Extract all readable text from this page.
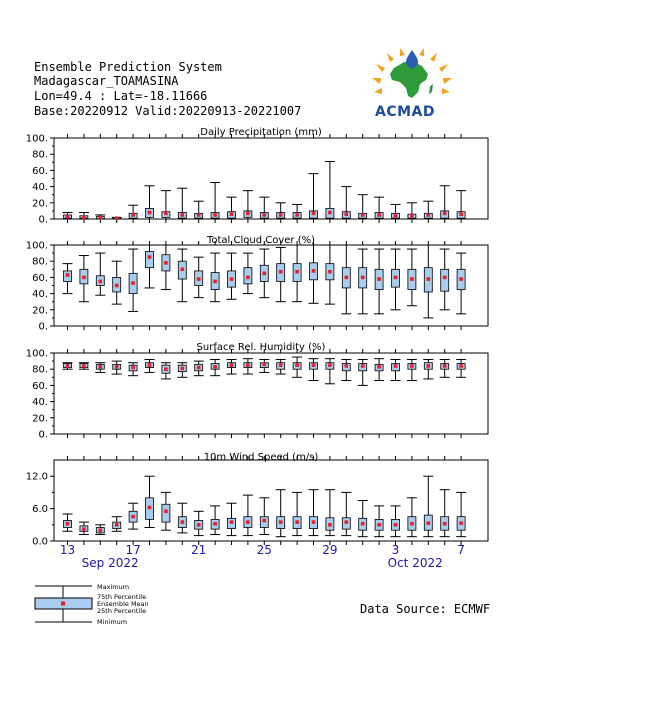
Ensemble Prediction System
Madagascar_TOAMASINA
Lon=49.4 : Lat=-18.11666
Base:20220912 Valid:20220913-20221007	ACMAD
0.
20.
40.
60.
80.
100.
Daily Precipitation (mm)
0.
20.
40.
60.
80.
100.	Total Cloud Cover (%)
0.
20.
40.
60.
80.
100.
Surface Rel. Humidity (%)
0.0
6.0
12.0
10m Wind Speed (m/s)
13	17	21	25	29	3	7
Sep 2022	Oct 2022
Maximum
75th Percentile
Ensemble Mean
25th Percentile
Minimum
Data Source: ECMWF
